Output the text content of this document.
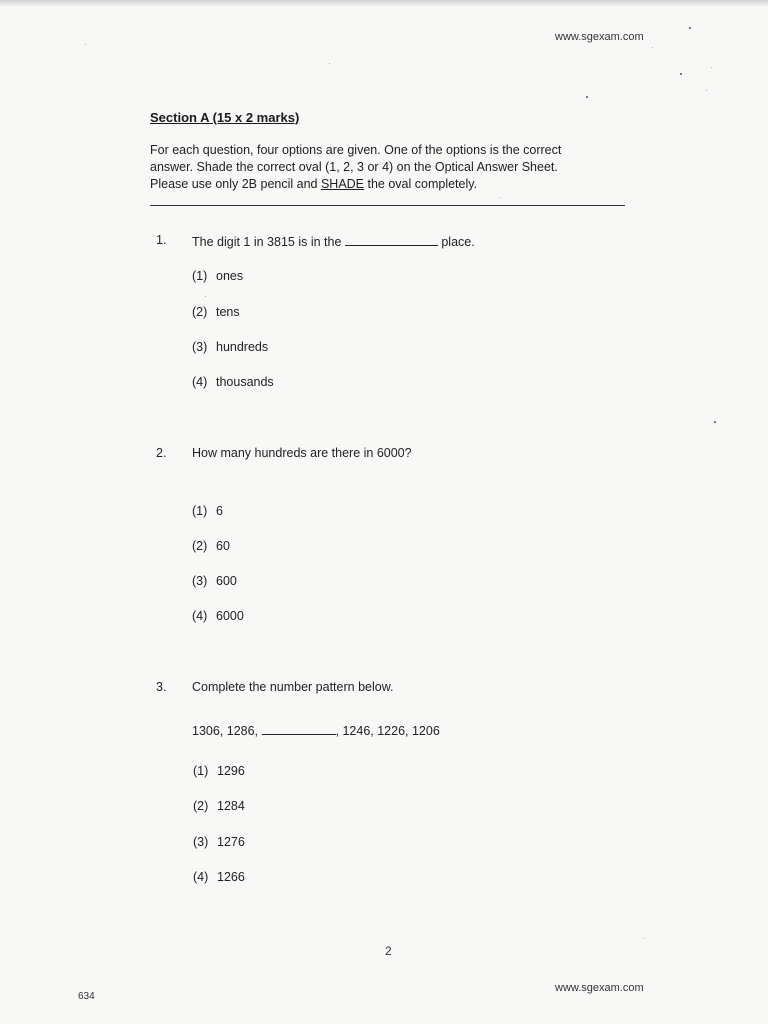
www.sgexam.com
Section A (15 x 2 marks)
For each question, four options are given. One of the options is the correct
answer. Shade the correct oval (1, 2, 3 or 4) on the Optical Answer Sheet.
Please use only 2B pencil and SHADE the oval completely.
1. The digit 1 in 3815 is in the	place.
(1) ones
(2) tens
(3) hundreds
(4) thousands
2. How many hundreds are there in 6000?
(1) 6
(2) 60
(3) 600
(4) 6000
3. Complete the number pattern below.
1306, 1286,	, 1246, 1226, 1206
(1) 1296
(2) 1284
(3) 1276
(4) 1266
2
634
www.sgexam.com
